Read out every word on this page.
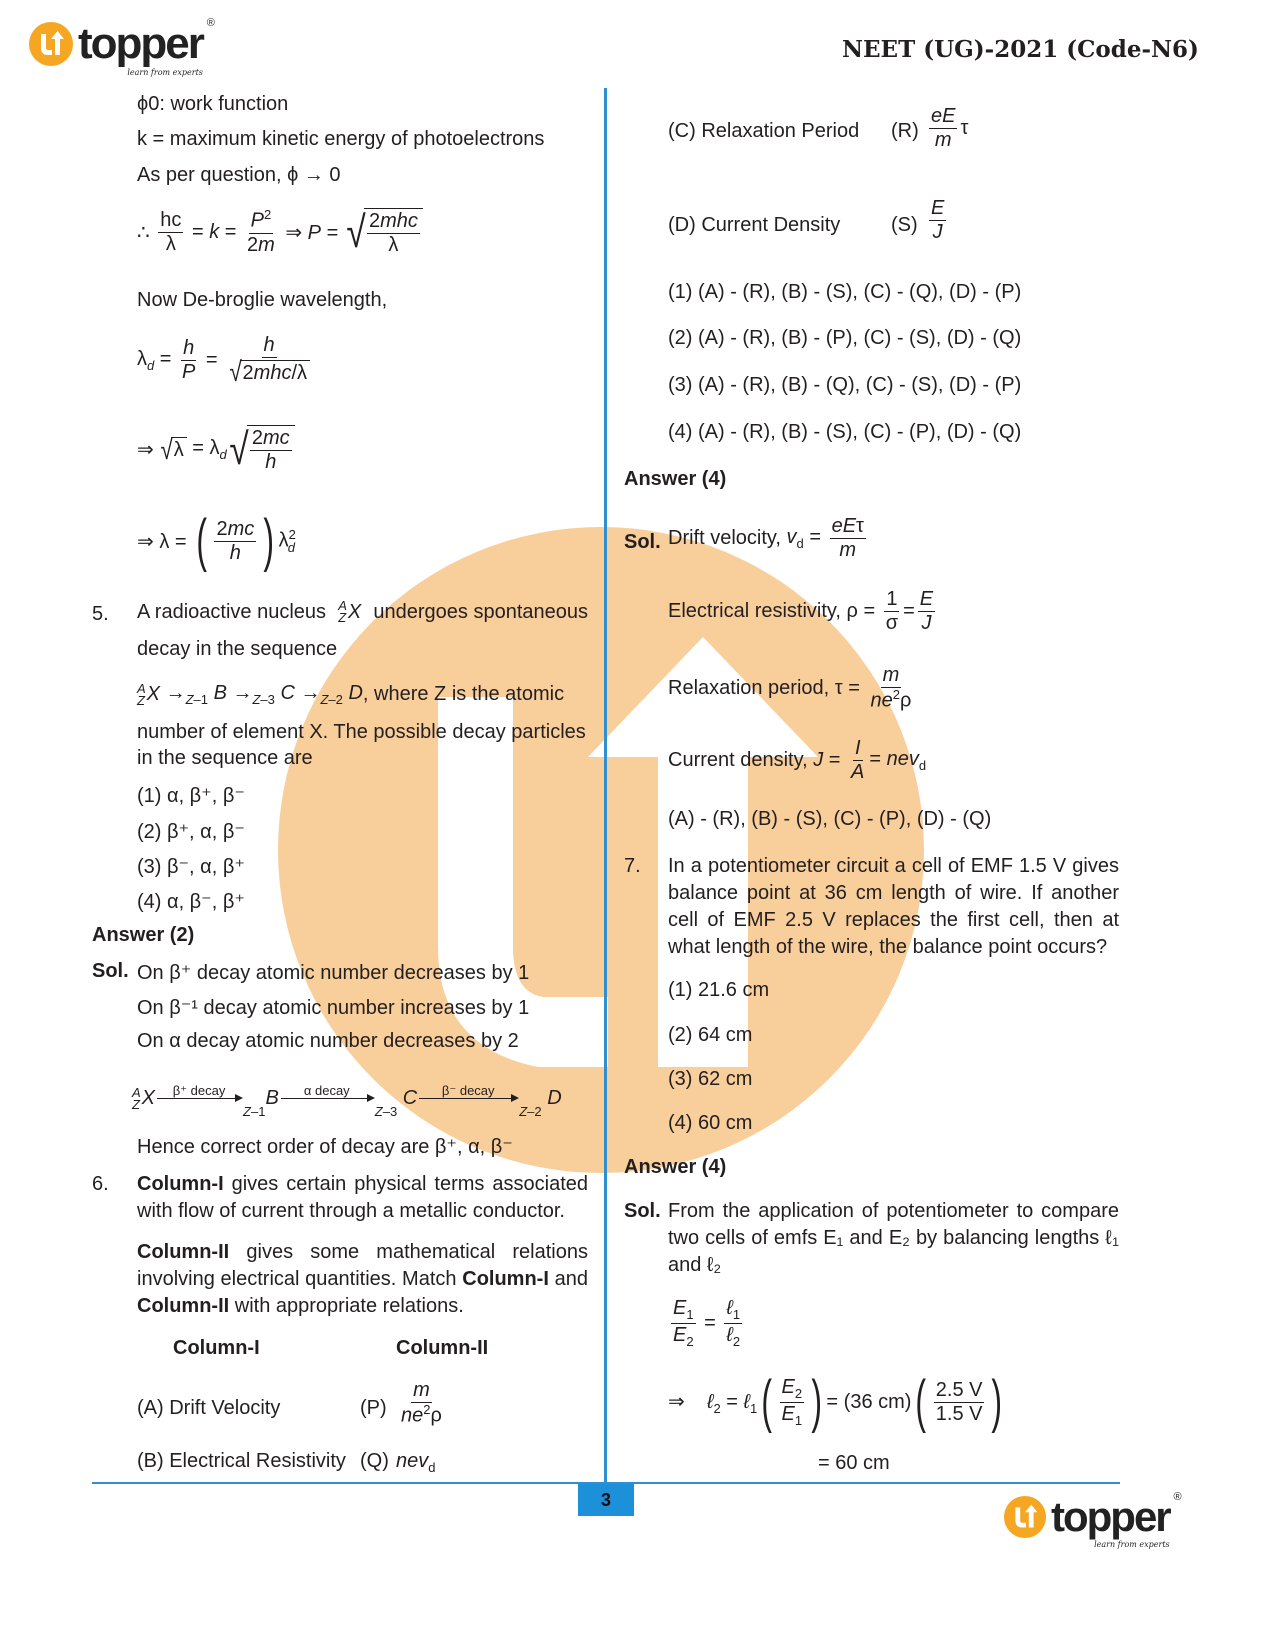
topper ®
learn from experts
NEET (UG)-2021 (Code-N6)
ϕ0: work function
k = maximum kinetic energy of photoelectrons
As per question, ϕ → 0
∴ $\frac{hc}{\lambda} = k = \frac{P^2}{2m}$ ⇒ P = √ $\frac{\text{2mhc}}{\lambda}$
Now De-broglie wavelength,
$\lambda_d = \frac{h}{P} = \frac{h}{\text{√ 2mhc/λ}}$
⇒ √ $\lambda = \lambda_d$ √ $\frac{2mc}{h}$
⇒ λ = ( $\frac{2mc}{h}$ ) $\lambda^2_d$
5. A radioactive nucleus A
Z X undergoes spontaneous
decay in the sequence
A
Z $X \to_{Z-1}$ $B \to_{Z-3}$ $C \to_{Z-2}$ D , where Z is the atomic
number of element X. The possible decay particles
in the sequence are
(1) α, β⁺, β⁻
(2) β⁺, α, β⁻
(3) β⁻, α, β⁺
(4) α, β⁻, β⁺
Answer (2)
Sol. On β⁺ decay atomic number decreases by 1
On β⁻¹ decay atomic number increases by 1
On α decay atomic number decreases by 2
A
Z X	β⁺ decay

$_{Z-1}$
B	α decay

$_{Z-3}$

C	β⁻ decay

$_{Z-2}$

D
Hence correct order of decay are β⁺, α, β⁻
6. Column-I gives certain physical terms associated with flow of current through a metallic conductor.
Column-II gives some mathematical relations involving electrical quantities. Match Column-I and Column-II with appropriate relations.
Column-I	Column-II
(A) Drift Velocity	$(P) \frac{m}{ne^2\rho}$
(B) Electrical Resistivity (Q) nev$_d$
(C) Relaxation Period $(R) \frac{eE}{m}$ τ
(D) Current Density	$(S) \frac{E}{J}$
(1) (A) - (R), (B) - (S), (C) - (Q), (D) - (P)
(2) (A) - (R), (B) - (P), (C) - (S), (D) - (Q)
(3) (A) - (R), (B) - (Q), (C) - (S), (D) - (P)
(4) (A) - (R), (B) - (S), (C) - (P), (D) - (Q)
Answer (4)
Sol. Drift velocity, $v_d = \frac{\text{eEτ}}{m}$
Electrical resistivity, $\rho = \frac{1}{\sigma} = \frac{E}{J}$
Relaxation period, $\tau = \frac{m}{ne^2\rho}$
Current density, $J = \frac{I}{A} = nev_d$
(A) - (R), (B) - (S), (C) - (P), (D) - (Q)
7. In a potentiometer circuit a cell of EMF 1.5 V gives balance point at 36 cm length of wire. If another cell of EMF 2.5 V replaces the first cell, then at what length of the wire, the balance point occurs?
(1) 21.6 cm
(2) 64 cm
(3) 62 cm
(4) 60 cm
Answer (4)
Sol. From the application of potentiometer to compare two cells of emfs E₁ and E₂ by balancing lengths ℓ₁ and ℓ₂
$\frac{E_1}{E_2} = \frac{\ell_1}{\ell_2}$
⇒    ℓ$_2$ = ℓ$_1$ ( $\frac{E_2}{E_1}$ ) = (36 cm) ( $\frac{2.5 V}{1.5 V}$ )
= 60 cm
3	topper ®
learn from experts
